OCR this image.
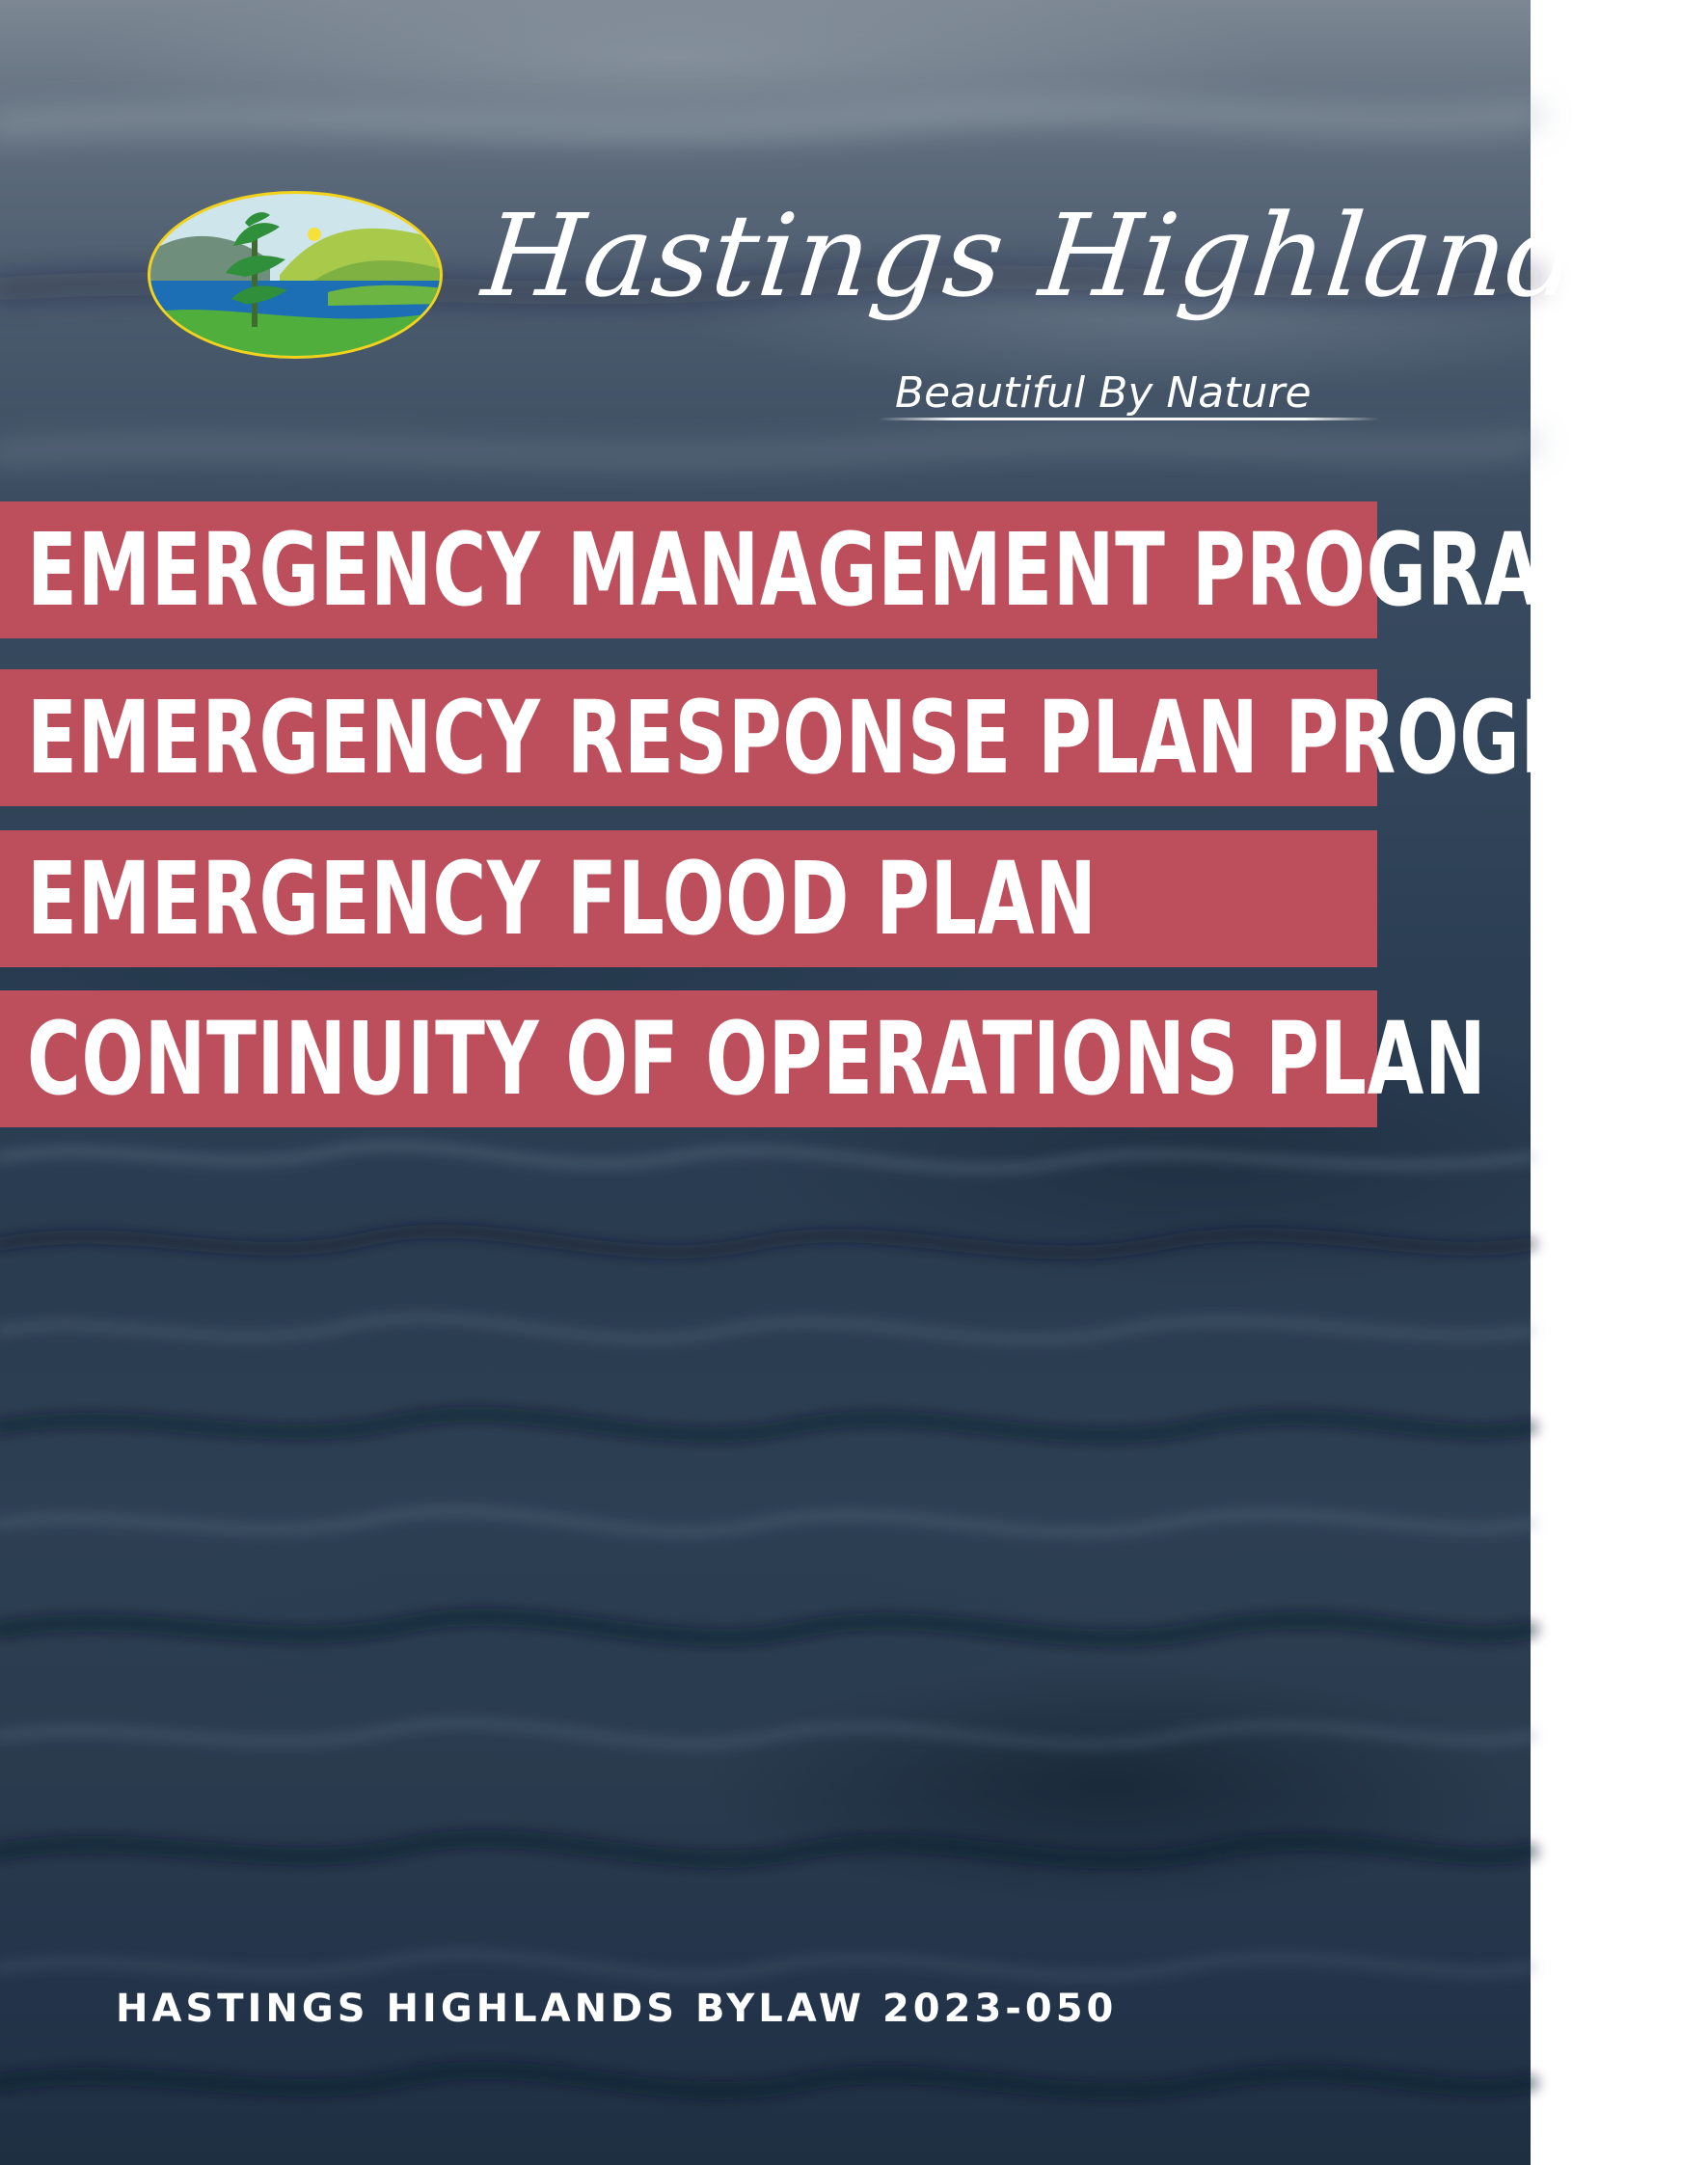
Hastings Highlands
Beautiful By Nature
EMERGENCY MANAGEMENT PROGRAM
EMERGENCY RESPONSE PLAN PROGRAM
EMERGENCY FLOOD PLAN
CONTINUITY OF OPERATIONS PLAN
HASTINGS HIGHLANDS BYLAW 2023-050
